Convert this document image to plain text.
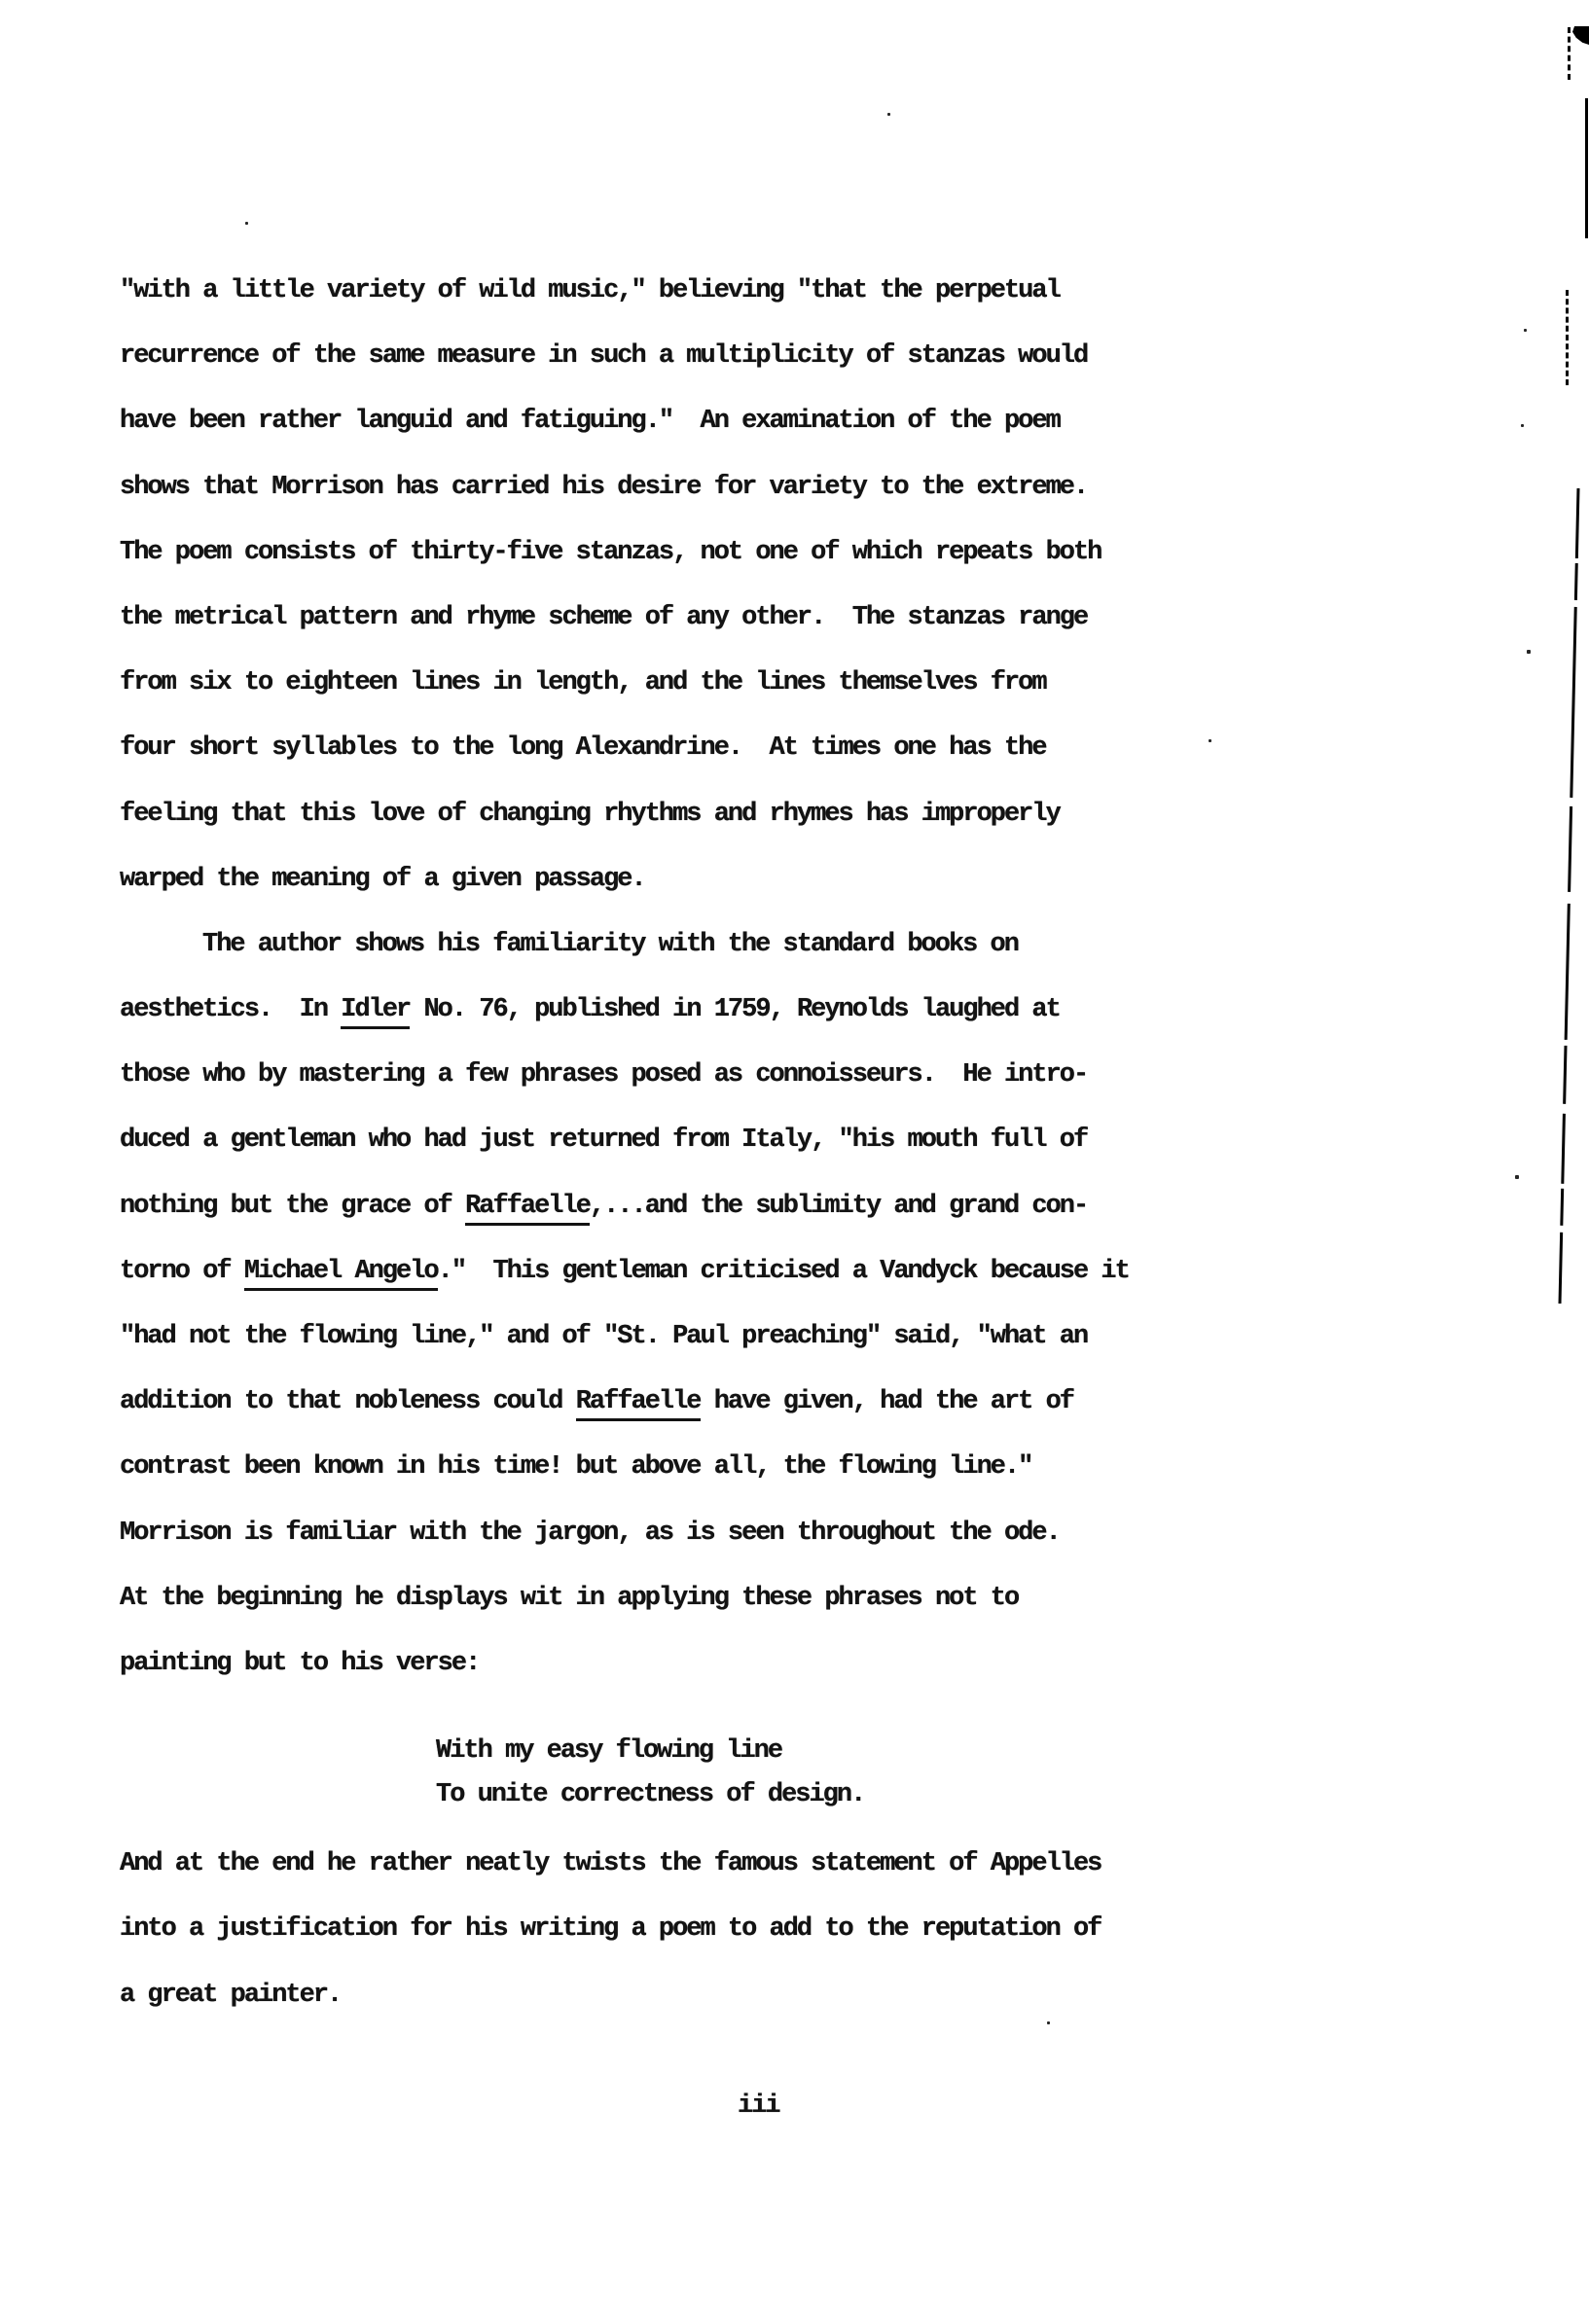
"with a little variety of wild music," believing "that the perpetual
recurrence of the same measure in such a multiplicity of stanzas would
have been rather languid and fatiguing."  An examination of the poem
shows that Morrison has carried his desire for variety to the extreme.
The poem consists of thirty-five stanzas, not one of which repeats both
the metrical pattern and rhyme scheme of any other.  The stanzas range
from six to eighteen lines in length, and the lines themselves from
four short syllables to the long Alexandrine.  At times one has the
feeling that this love of changing rhythms and rhymes has improperly
warped the meaning of a given passage.
The author shows his familiarity with the standard books on
aesthetics.  In Idler No. 76, published in 1759, Reynolds laughed at
those who by mastering a few phrases posed as connoisseurs.  He intro-
duced a gentleman who had just returned from Italy, "his mouth full of
nothing but the grace of Raffaelle,...and the sublimity and grand con-
torno of Michael Angelo."  This gentleman criticised a Vandyck because it
"had not the flowing line," and of "St. Paul preaching" said, "what an
addition to that nobleness could Raffaelle have given, had the art of
contrast been known in his time! but above all, the flowing line."
Morrison is familiar with the jargon, as is seen throughout the ode.
At the beginning he displays wit in applying these phrases not to
painting but to his verse:
With my easy flowing line
To unite correctness of design.
And at the end he rather neatly twists the famous statement of Appelles
into a justification for his writing a poem to add to the reputation of
a great painter.
iii
